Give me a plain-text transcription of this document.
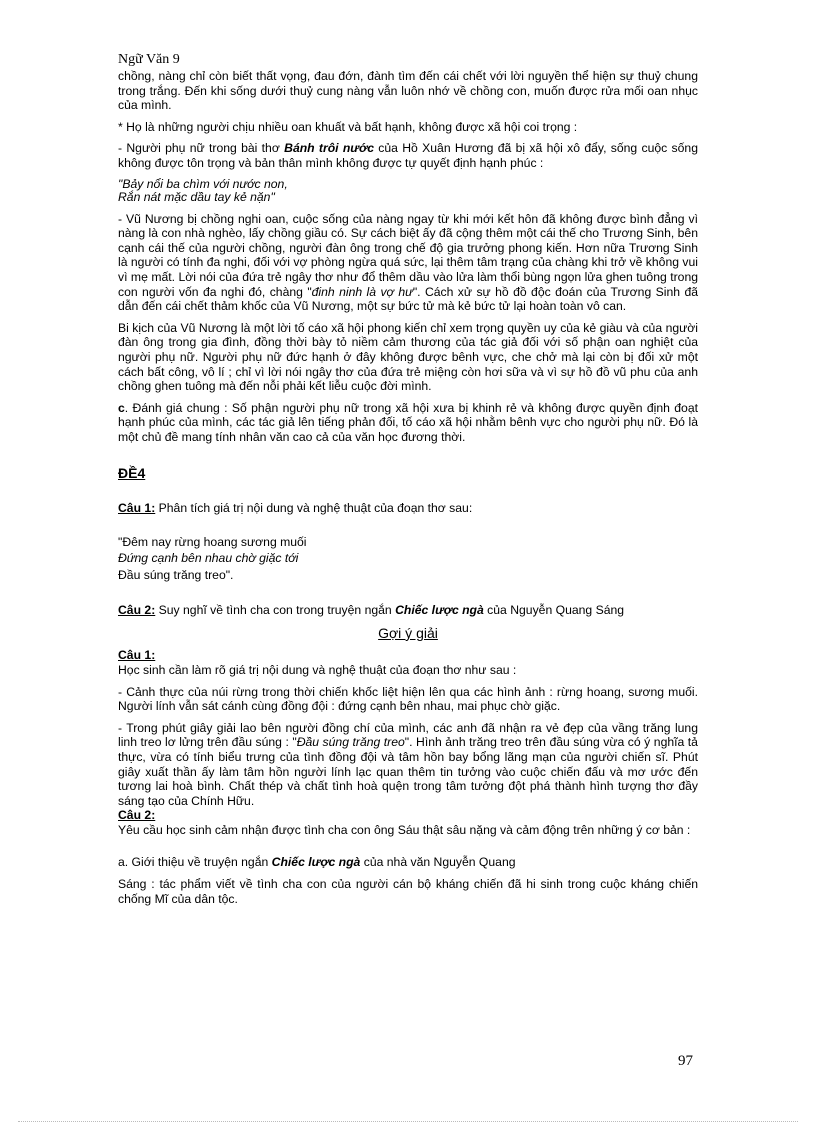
Ngữ Văn 9

chồng, nàng chỉ còn biết thất vọng, đau đớn, đành tìm đến cái chết với lời nguyền thể hiện sự thuỷ chung trong trắng. Đến khi sống dưới thuỷ cung nàng vẫn luôn nhớ về chồng con, muốn được rửa mối oan nhục của mình.

* Họ là những người chịu nhiều oan khuất và bất hạnh, không được xã hội coi trọng :

- Người phụ nữ trong bài thơ Bánh trôi nước của Hồ Xuân Hương đã bị xã hội xô đẩy, sống cuộc sống không được tôn trọng và bản thân mình không được tự quyết định hạnh phúc :

"Bảy nổi ba chìm với nước non,
Rắn nát mặc dầu tay kẻ nặn"

- Vũ Nương bị chồng nghi oan, cuộc sống của nàng ngay từ khi mới kết hôn đã không được bình đẳng vì nàng là con nhà nghèo, lấy chồng giầu có. Sự cách biệt ấy đã cộng thêm một cái thế cho Trương Sinh, bên cạnh cái thế của người chồng, người đàn ông trong chế độ gia trưởng phong kiến. Hơn nữa Trương Sinh là người có tính đa nghi, đối với vợ phòng ngừa quá sức, lại thêm tâm trạng của chàng khi trở về không vui vì mẹ mất. Lời nói của đứa trẻ ngây thơ như đổ thêm dầu vào lửa làm thổi bùng ngọn lửa ghen tuông trong con người vốn đa nghi đó, chàng "đinh ninh là vợ hư". Cách xử sự hồ đồ độc đoán của Trương Sinh đã dẫn đến cái chết thảm khốc của Vũ Nương, một sự bức tử mà kẻ bức tử lại hoàn toàn vô can.

Bi kịch của Vũ Nương là một lời tố cáo xã hội phong kiến chỉ xem trọng quyền uy của kẻ giàu và của người đàn ông trong gia đình, đồng thời bày tỏ niềm cảm thương của tác giả đối với số phận oan nghiệt của người phụ nữ. Người phụ nữ đức hạnh ở đây không được bênh vực, che chở mà lại còn bị đối xử một cách bất công, vô lí ; chỉ vì lời nói ngây thơ của đứa trẻ miệng còn hơi sữa và vì sự hồ đồ vũ phu của anh chồng ghen tuông mà đến nỗi phải kết liễu cuộc đời mình.

c. Đánh giá chung : Số phận người phụ nữ trong xã hội xưa bị khinh rẻ và không được quyền định đoạt hạnh phúc của mình, các tác giả lên tiếng phản đối, tố cáo xã hội nhằm bênh vực cho người phụ nữ. Đó là một chủ đề mang tính nhân văn cao cả của văn học đương thời.

ĐỀ4

Câu 1: Phân tích giá trị nội dung và nghệ thuật của đoạn thơ sau:

"Đêm nay rừng hoang sương muối
Đứng cạnh bên nhau chờ giặc tới
Đầu súng trăng treo".

Câu 2: Suy nghĩ về tình cha con trong truyện ngắn Chiếc lược ngà của Nguyễn Quang Sáng

Gợi ý giải

Câu 1:

Học sinh cần làm rõ giá trị nội dung và nghệ thuật của đoạn thơ như sau :

- Cảnh thực của núi rừng trong thời chiến khốc liệt hiện lên qua các hình ảnh : rừng hoang, sương muối. Người lính vẫn sát cánh cùng đồng đội : đứng cạnh bên nhau, mai phục chờ giặc.

- Trong phút giây giải lao bên người đồng chí của mình, các anh đã nhận ra vẻ đẹp của vầng trăng lung linh treo lơ lửng trên đầu súng : "Đầu súng trăng treo". Hình ảnh trăng treo trên đầu súng vừa có ý nghĩa tả thực, vừa có tính biểu trưng của tình đồng đội và tâm hồn bay bổng lãng mạn của người chiến sĩ. Phút giây xuất thần ấy làm tâm hồn người lính lạc quan thêm tin tưởng vào cuộc chiến đấu và mơ ước đến tương lai hoà bình. Chất thép và chất tình hoà quện trong tâm tưởng đột phá thành hình tượng thơ đầy sáng tạo của Chính Hữu.

Câu 2:

Yêu cầu học sinh cảm nhận được tình cha con ông Sáu thật sâu nặng và cảm động trên những ý cơ bản :

a. Giới thiệu về truyện ngắn Chiếc lược ngà của nhà văn Nguyễn Quang

Sáng : tác phẩm viết về tình cha con của người cán bộ kháng chiến đã hi sinh trong cuộc kháng chiến chống Mĩ của dân tộc.

97
